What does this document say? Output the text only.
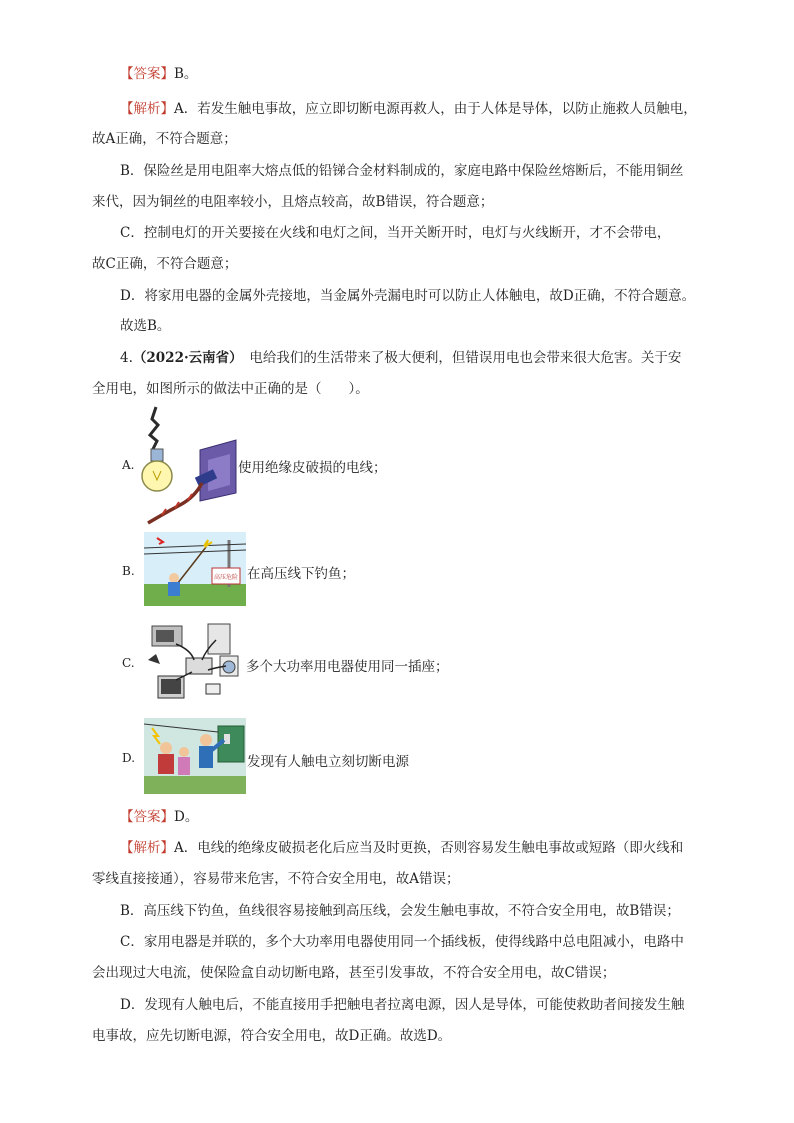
【答案】B。
【解析】A．若发生触电事故，应立即切断电源再救人，由于人体是导体，以防止施救人员触电，
故A正确，不符合题意；
B．保险丝是用电阻率大熔点低的铅锑合金材料制成的，家庭电路中保险丝熔断后，不能用铜丝
来代，因为铜丝的电阻率较小，且熔点较高，故B错误，符合题意；
C．控制电灯的开关要接在火线和电灯之间，当开关断开时，电灯与火线断开，才不会带电，
故C正确，不符合题意；
D．将家用电器的金属外壳接地，当金属外壳漏电时可以防止人体触电，故D正确，不符合题意。
故选B。
4.（2022·云南省）  电给我们的生活带来了极大便利，但错误用电也会带来很大危害。关于安
全用电，如图所示的做法中正确的是（　　）。
A.	使用绝缘皮破损的电线；
B.	高压危险 在高压线下钓鱼；
C.	多个大功率用电器使用同一插座；
D.	发现有人触电立刻切断电源
【答案】D。
【解析】A．电线的绝缘皮破损老化后应当及时更换，否则容易发生触电事故或短路（即火线和
零线直接接通），容易带来危害，不符合安全用电，故A错误；
B．高压线下钓鱼，鱼线很容易接触到高压线，会发生触电事故，不符合安全用电，故B错误；
C．家用电器是并联的，多个大功率用电器使用同一个插线板，使得线路中总电阻减小，电路中
会出现过大电流，使保险盒自动切断电路，甚至引发事故，不符合安全用电，故C错误；
D．发现有人触电后，不能直接用手把触电者拉离电源，因人是导体，可能使救助者间接发生触
电事故，应先切断电源，符合安全用电，故D正确。故选D。
